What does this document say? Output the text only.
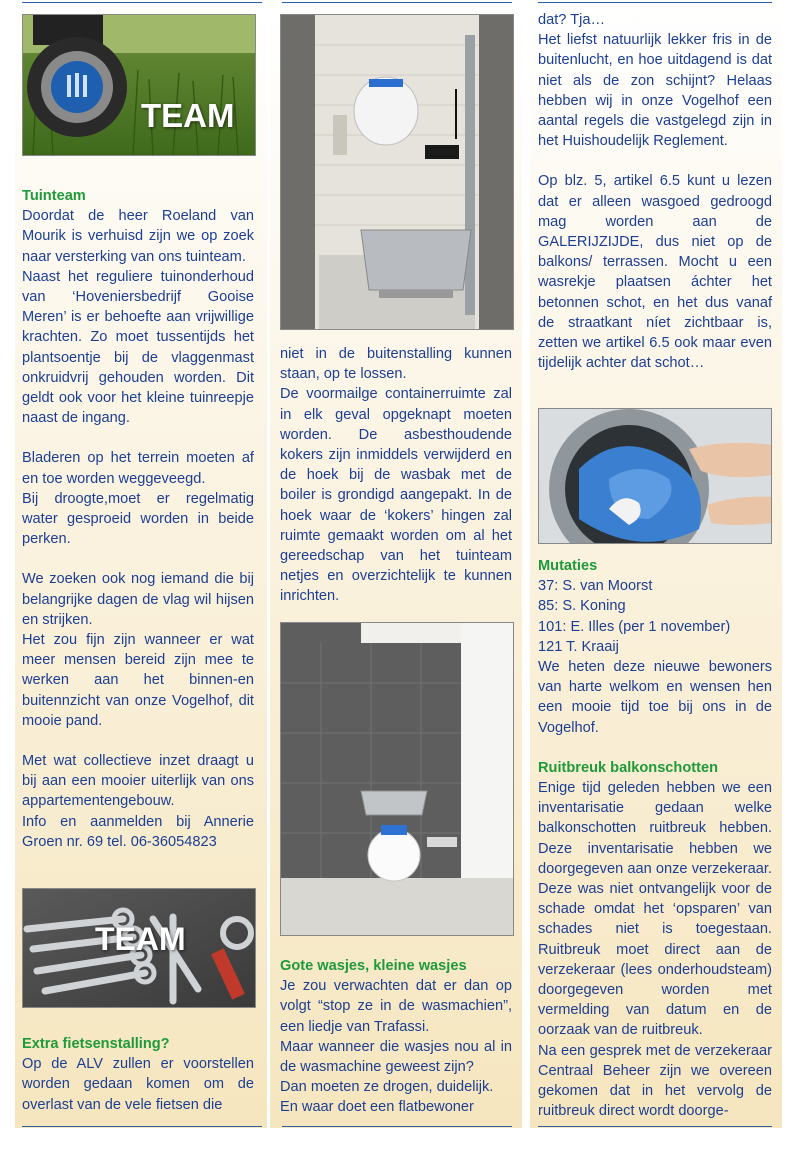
TEAM

Tuinteam

Doordat de heer Roeland van Mourik is verhuisd zijn we op zoek naar versterking van ons tuinteam.

Naast het reguliere tuinonderhoud van ‘Hoveniersbedrijf Gooise Meren’ is er behoefte aan vrijwillige krachten. Zo moet tussentijds het plantsoentje bij de vlaggenmast onkruidvrij gehouden worden. Dit geldt ook voor het kleine tuinreepje naast de ingang.

Bladeren op het terrein moeten af en toe worden weggeveegd.

Bij droogte,moet er regelmatig water gesproeid worden in beide perken.

We zoeken ook nog iemand die bij belangrijke dagen de vlag wil hijsen en strijken.

Het zou fijn zijn wanneer er wat meer mensen bereid zijn mee te werken aan het binnen-en buitennzicht van onze Vogelhof, dit mooie pand.

Met wat collectieve inzet draagt u bij aan een mooier uiterlijk van ons appartementengebouw.

Info en aanmelden bij Annerie Groen nr. 69 tel. 06-36054823

TEAM

Extra fietsenstalling?

Op de ALV zullen er voorstellen worden gedaan komen om de overlast van de vele fietsen die

niet in de buitenstalling kunnen staan, op te lossen.

De voormailge containerruimte zal in elk geval opgeknapt moeten worden. De asbesthoudende kokers zijn inmiddels verwijderd en de hoek bij de wasbak met de boiler is grondigd aangepakt. In de hoek waar de ‘kokers’ hingen zal ruimte gemaakt worden om al het gereedschap van het tuinteam netjes en overzichtelijk te kunnen inrichten.

Gote wasjes, kleine wasjes

Je zou verwachten dat er dan op volgt “stop ze in de wasmachien”, een liedje van Trafassi.

Maar wanneer die wasjes nou al in de wasmachine geweest zijn?

Dan moeten ze drogen, duidelijk.

En waar doet een flatbewoner

dat? Tja…

Het liefst natuurlijk lekker fris in de buitenlucht, en hoe uitdagend is dat niet als de zon schijnt? Helaas hebben wij in onze Vogelhof een aantal regels die vastgelegd zijn in het Huishoudelijk Reglement.

Op blz. 5, artikel 6.5 kunt u lezen dat er alleen wasgoed gedroogd mag worden aan de GALERIJZIJDE, dus niet op de balkons/ terrassen. Mocht u een wasrekje plaatsen áchter het betonnen schot, en het dus vanaf de straatkant níet zichtbaar is, zetten we artikel 6.5 ook maar even tijdelijk achter dat schot…

Mutaties

37: S. van Moorst

85: S. Koning

101: E. Illes (per 1 november)

121 T. Kraaij

We heten deze nieuwe bewoners van harte welkom en wensen hen een mooie tijd toe bij ons in de Vogelhof.

Ruitbreuk balkonschotten

Enige tijd geleden hebben we een inventarisatie gedaan welke balkonschotten ruitbreuk hebben. Deze inventarisatie hebben we doorgegeven aan onze verzekeraar. Deze was niet ontvangelijk voor de schade omdat het ‘opsparen’ van schades niet is toegestaan. Ruitbreuk moet direct aan de verzekeraar (lees onderhoudsteam) doorgegeven worden met vermelding van datum en de oorzaak van de ruitbreuk.

Na een gesprek met de verzekeraar Centraal Beheer zijn we overeen gekomen dat in het vervolg de ruitbreuk direct wordt doorge-
